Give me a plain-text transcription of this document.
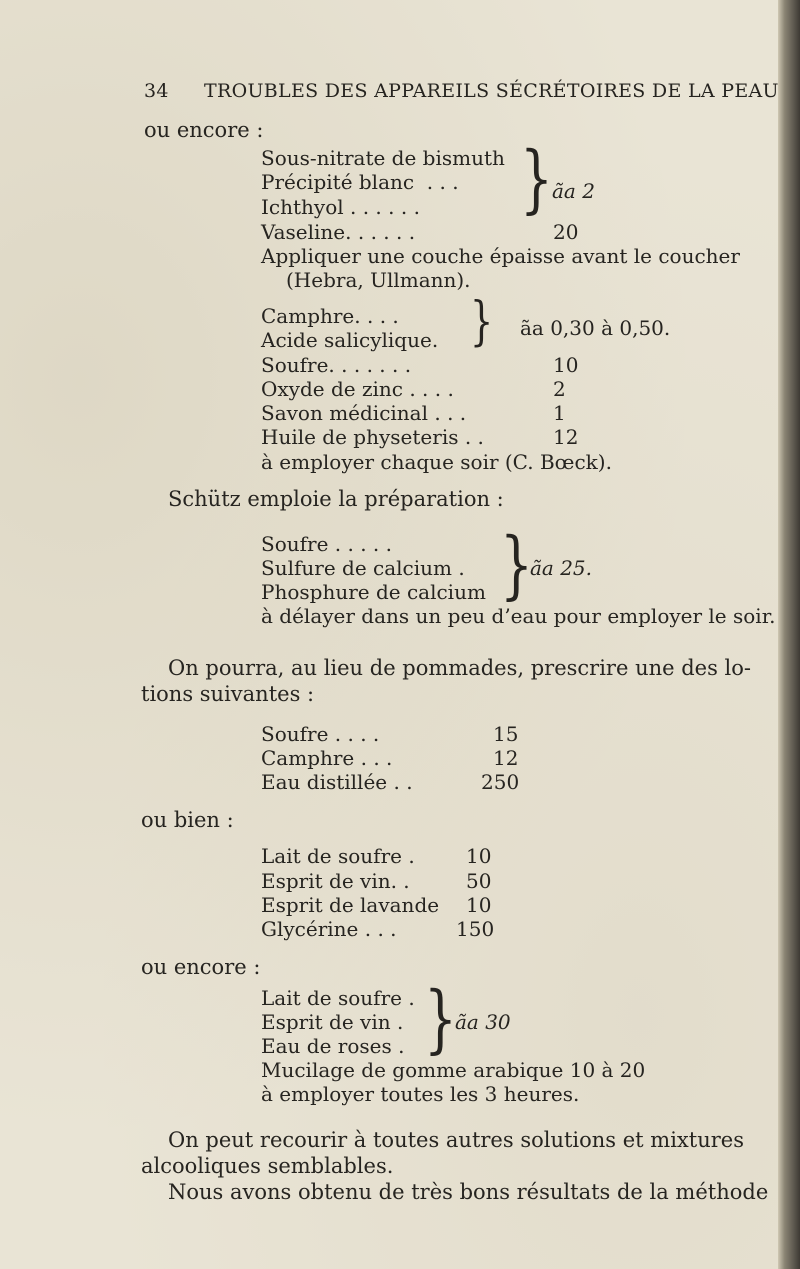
34 TROUBLES DES APPAREILS SÉCRÉTOIRES DE LA PEAU
ou encore :
Sous-nitrate de bismuth
Précipité blanc  . . .
Ichthyol . . . . . . } ãa 2
Vaseline. . . . . .	20
Appliquer une couche épaisse avant le coucher
(Hebra, Ullmann).
Camphre. . . .
Acide salicylique. } ãa 0,30 à 0,50.
Soufre. . . . . . .	10
Oxyde de zinc . . . .	2
Savon médicinal . . .	1
Huile de physeteris . .	12
à employer chaque soir (C. Bœck).
Schütz emploie la préparation :
Soufre . . . . .
Sulfure de calcium .
Phosphure de calcium }
ãa 25.
à délayer dans un peu d’eau pour employer le soir.
On pourra, au lieu de pommades, prescrire une des lo-
tions suivantes :
Soufre . . . .	15
Camphre . . .	12
Eau distillée . .	250
ou bien :
Lait de soufre .	10
Esprit de vin. .	50
Esprit de lavande 10
Glycérine . . .	150
ou encore :
Lait de soufre .
Esprit de vin .
Eau de roses . }
ãa 30
Mucilage de gomme arabique 10 à 20
à employer toutes les 3 heures.
On peut recourir à toutes autres solutions et mixtures
alcooliques semblables.
Nous avons obtenu de très bons résultats de la méthode
